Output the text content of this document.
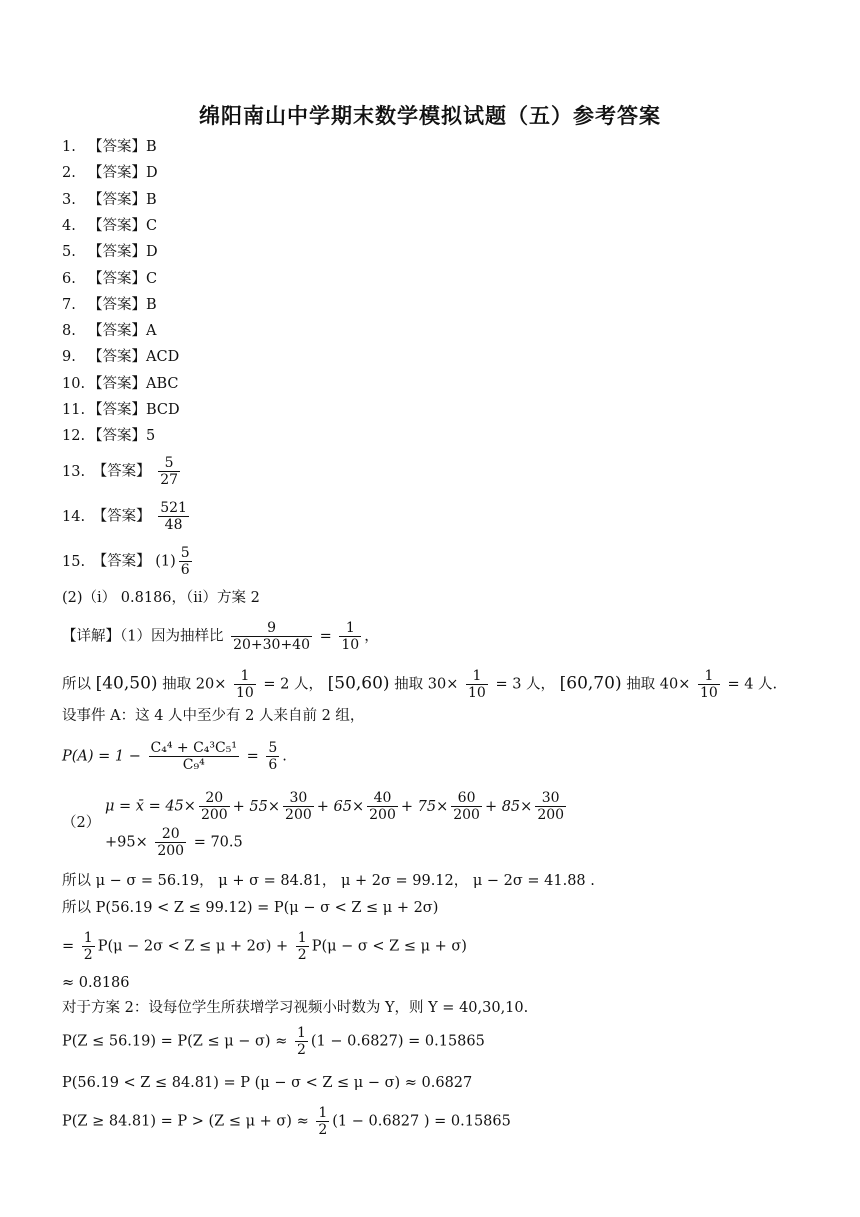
绵阳南山中学期末数学模拟试题（五）参考答案
1. 【答案】B
2. 【答案】D
3. 【答案】B
4. 【答案】C
5. 【答案】D
6. 【答案】C
7. 【答案】B
8. 【答案】A
9. 【答案】ACD
10. 【答案】ABC
11. 【答案】BCD
12. 【答案】5
13. 【答案】 $\frac{5}{27}$
14. 【答案】 $\frac{521}{48}$
15. 【答案】 $(1) \frac{5}{6}$
(2)（i） 0.8186，（ii）方案 2
【详解】（1）因为抽样比 $\frac{9}{20+30+40} = \frac{1}{10}$ ，
所以 [40,50) 抽取 $20\times \frac{1}{10} = 2$ 人， [50,60) 抽取 $30\times \frac{1}{10} = 3$ 人， [60,70) 抽取 $40\times \frac{1}{10} = 4$ 人.
设事件 A：这 4 人中至少有 2 人来自前 2 组，
$P(A) = 1 - \frac{\text{C₄⁴ + C₄³C₅¹}}{\text{C₉⁴}} = \frac{5}{6}$ .
μ = x̄ = $45\times \frac{20}{200} + 55\times \frac{30}{200} + 65\times \frac{40}{200} + 75\times \frac{60}{200} + 85\times \frac{30}{200}$
（2）
$+95\times \frac{20}{200} = 70.5$
所以 μ − σ = 56.19， μ + σ = 84.81， μ + 2σ = 99.12， μ − 2σ = 41.88 .
所以 P(56.19 < Z ≤ 99.12) = P(μ − σ < Z ≤ μ + 2σ)
= $\frac{1}{2} P(\mu - 2\sigma < Z \le \mu + 2\sigma) + \frac{1}{2} P(\mu - \sigma < Z \le \mu + \sigma)$
≈ 0.8186
对于方案 2：设每位学生所获增学习视频小时数为 Y，则 Y = 40,30,10.
$P(Z \le 56.19) = P(Z \le \mu - \sigma) \approx \frac{1}{2} (1 - 0.6827) = 0.15865$
P(56.19 < Z ≤ 84.81) = P (μ − σ < Z ≤ μ − σ) ≈ 0.6827
$P(Z \ge 84.81) = P > (Z \le \mu + \sigma) \approx \frac{1}{2} (1 - 0.6827$ ) = 0.15865
